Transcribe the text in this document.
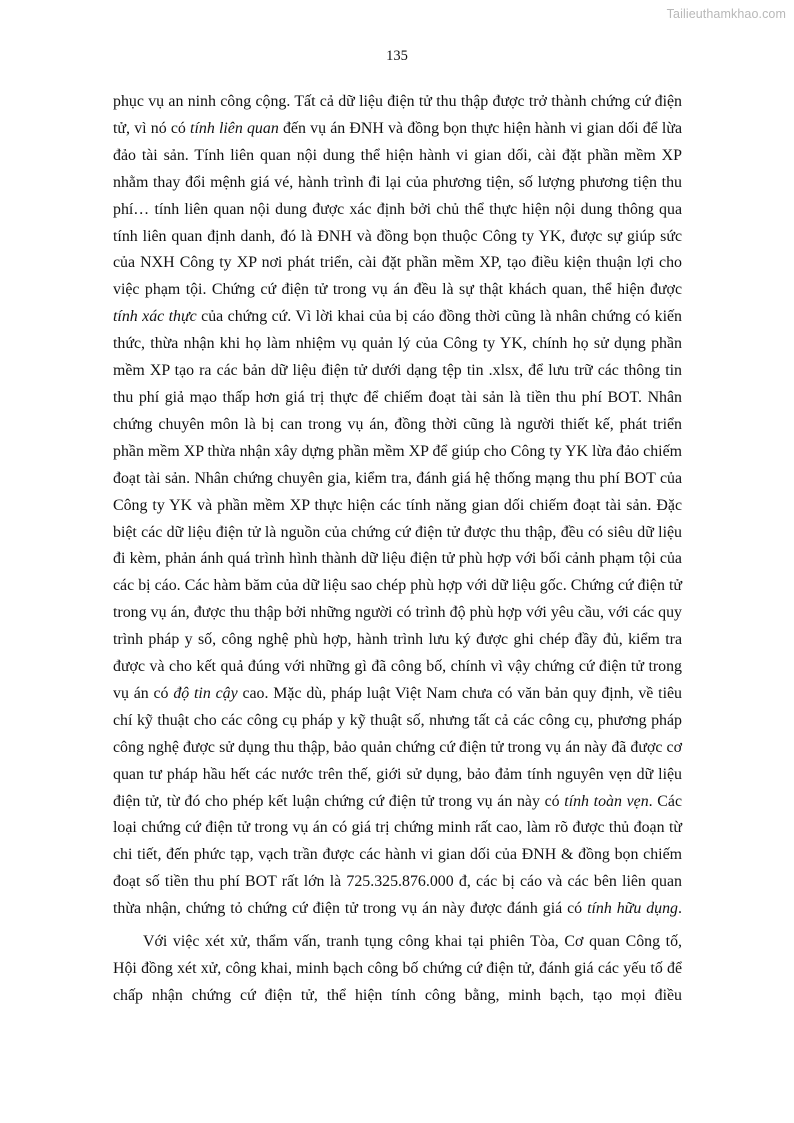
Tailieuthamkhao.com
135

phục vụ an ninh công cộng. Tất cả dữ liệu điện tử thu thập được trở thành chứng cứ điện tử, vì nó có tính liên quan đến vụ án ĐNH và đồng bọn thực hiện hành vi gian dối để lừa đảo tài sản. Tính liên quan nội dung thể hiện hành vi gian dối, cài đặt phần mềm XP nhằm thay đổi mệnh giá vé, hành trình đi lại của phương tiện, số lượng phương tiện thu phí… tính liên quan nội dung được xác định bởi chủ thể thực hiện nội dung thông qua tính liên quan định danh, đó là ĐNH và đồng bọn thuộc Công ty YK, được sự giúp sức của NXH Công ty XP nơi phát triển, cài đặt phần mềm XP, tạo điều kiện thuận lợi cho việc phạm tội. Chứng cứ điện tử trong vụ án đều là sự thật khách quan, thể hiện được tính xác thực của chứng cứ. Vì lời khai của bị cáo đồng thời cũng là nhân chứng có kiến thức, thừa nhận khi họ làm nhiệm vụ quản lý của Công ty YK, chính họ sử dụng phần mềm XP tạo ra các bản dữ liệu điện tử dưới dạng tệp tin .xlsx, để lưu trữ các thông tin thu phí giả mạo thấp hơn giá trị thực để chiếm đoạt tài sản là tiền thu phí BOT. Nhân chứng chuyên môn là bị can trong vụ án, đồng thời cũng là người thiết kế, phát triển phần mềm XP thừa nhận xây dựng phần mềm XP để giúp cho Công ty YK lừa đảo chiếm đoạt tài sản. Nhân chứng chuyên gia, kiểm tra, đánh giá hệ thống mạng thu phí BOT của Công ty YK và phần mềm XP thực hiện các tính năng gian dối chiếm đoạt tài sản. Đặc biệt các dữ liệu điện tử là nguồn của chứng cứ điện tử được thu thập, đều có siêu dữ liệu đi kèm, phản ánh quá trình hình thành dữ liệu điện tử phù hợp với bối cảnh phạm tội của các bị cáo. Các hàm băm của dữ liệu sao chép phù hợp với dữ liệu gốc. Chứng cứ điện tử trong vụ án, được thu thập bởi những người có trình độ phù hợp với yêu cầu, với các quy trình pháp y số, công nghệ phù hợp, hành trình lưu ký được ghi chép đầy đủ, kiểm tra được và cho kết quả đúng với những gì đã công bố, chính vì vậy chứng cứ điện tử trong vụ án có độ tin cậy cao. Mặc dù, pháp luật Việt Nam chưa có văn bản quy định, về tiêu chí kỹ thuật cho các công cụ pháp y kỹ thuật số, nhưng tất cả các công cụ, phương pháp công nghệ được sử dụng thu thập, bảo quản chứng cứ điện tử trong vụ án này đã được cơ quan tư pháp hầu hết các nước trên thế, giới sử dụng, bảo đảm tính nguyên vẹn dữ liệu điện tử, từ đó cho phép kết luận chứng cứ điện tử trong vụ án này có tính toàn vẹn. Các loại chứng cứ điện tử trong vụ án có giá trị chứng minh rất cao, làm rõ được thủ đoạn từ chi tiết, đến phức tạp, vạch trần được các hành vi gian dối của ĐNH & đồng bọn chiếm đoạt số tiền thu phí BOT rất lớn là 725.325.876.000 đ, các bị cáo và các bên liên quan thừa nhận, chứng tỏ chứng cứ điện tử trong vụ án này được đánh giá có tính hữu dụng.

Với việc xét xử, thẩm vấn, tranh tụng công khai tại phiên Tòa, Cơ quan Công tố, Hội đồng xét xử, công khai, minh bạch công bố chứng cứ điện tử, đánh giá các yếu tố để chấp nhận chứng cứ điện tử, thể hiện tính công bằng, minh bạch, tạo mọi điều
